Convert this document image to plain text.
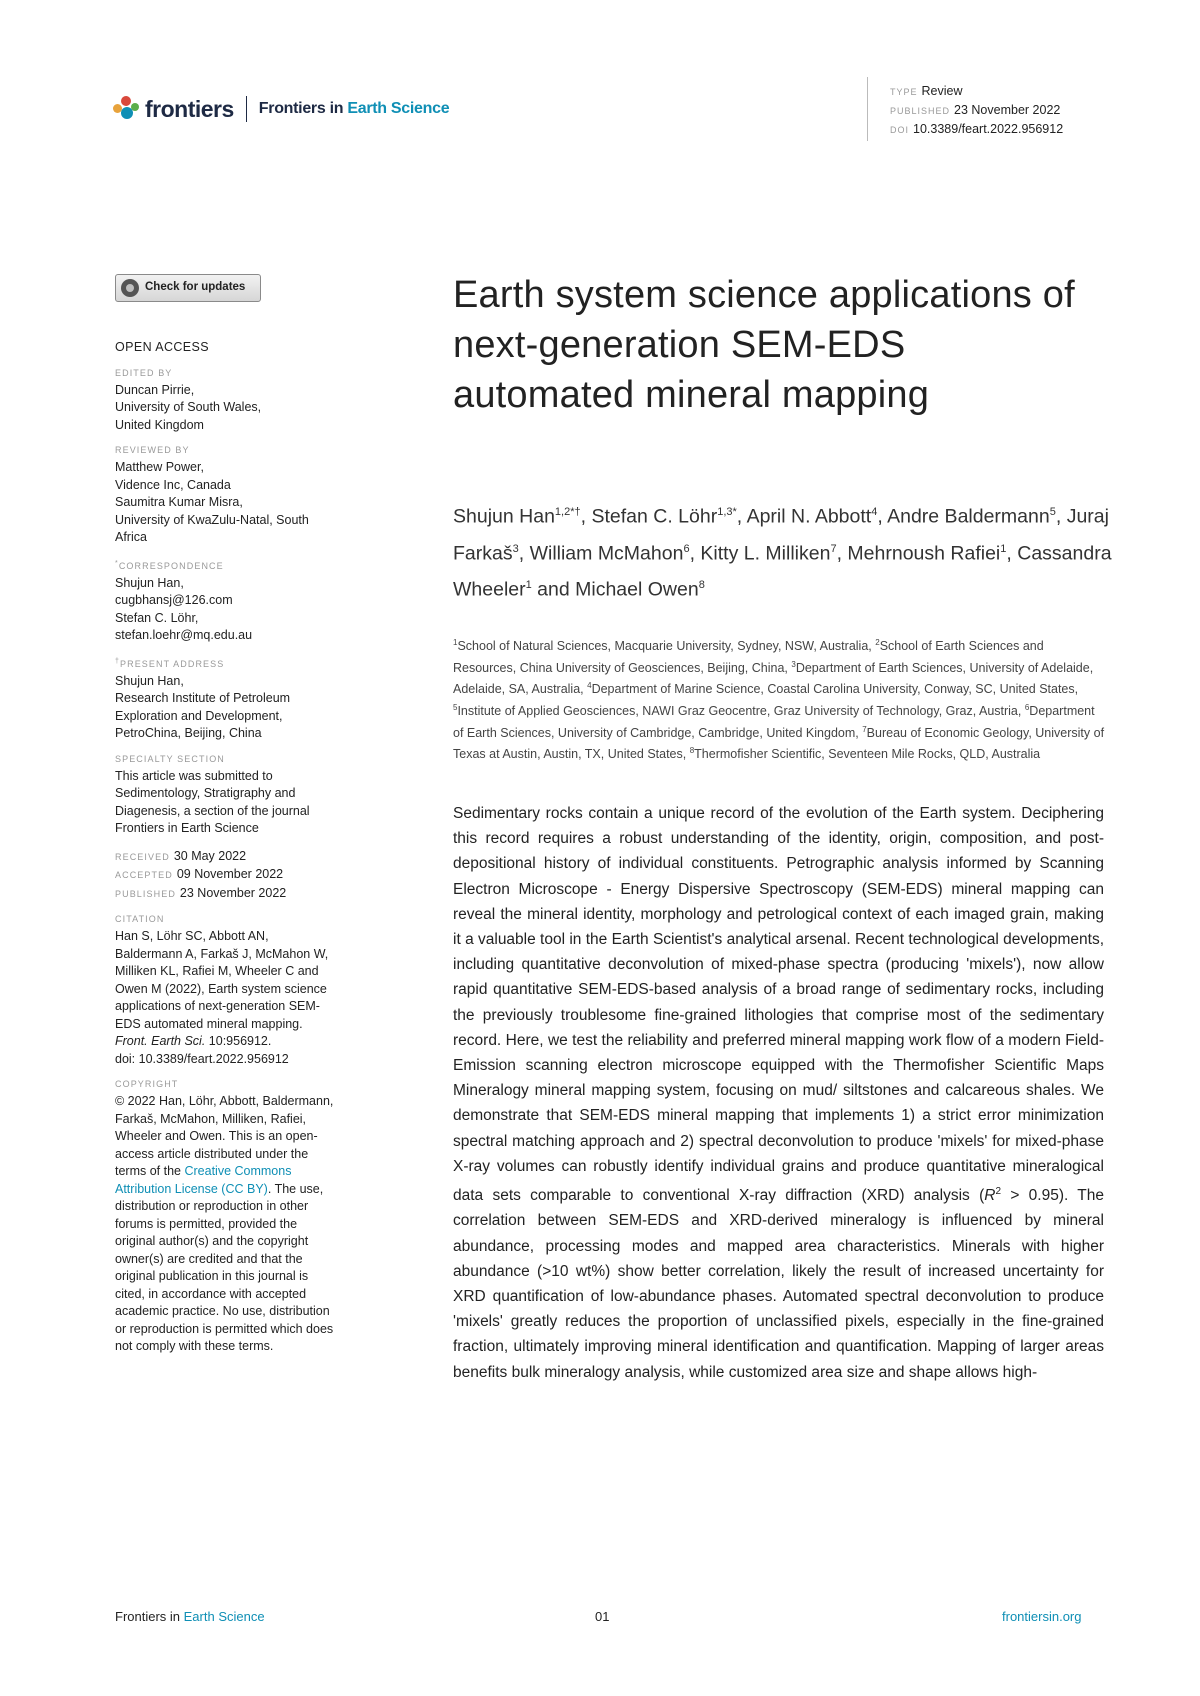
frontiers Frontiers in Earth Science
TYPE Review
PUBLISHED 23 November 2022
DOI 10.3389/feart.2022.956912
Check for updates
OPEN ACCESS
EDITED BY
Duncan Pirrie,
University of South Wales,
United Kingdom
REVIEWED BY
Matthew Power,
Vidence Inc, Canada
Saumitra Kumar Misra,
University of KwaZulu-Natal, South
Africa
*CORRESPONDENCE
Shujun Han,
cugbhansj@126.com
Stefan C. Löhr,
stefan.loehr@mq.edu.au
†PRESENT ADDRESS
Shujun Han,
Research Institute of Petroleum
Exploration and Development,
PetroChina, Beijing, China
SPECIALTY SECTION
This article was submitted to
Sedimentology, Stratigraphy and
Diagenesis, a section of the journal
Frontiers in Earth Science
RECEIVED 30 May 2022
ACCEPTED 09 November 2022
PUBLISHED 23 November 2022
CITATION
Han S, Löhr SC, Abbott AN,
Baldermann A, Farkaš J, McMahon W,
Milliken KL, Rafiei M, Wheeler C and
Owen M (2022), Earth system science
applications of next-generation SEM-
EDS automated mineral mapping.
Front. Earth Sci. 10:956912.
doi: 10.3389/feart.2022.956912
COPYRIGHT
© 2022 Han, Löhr, Abbott, Baldermann,
Farkaš, McMahon, Milliken, Rafiei,
Wheeler and Owen. This is an open-
access article distributed under the
terms of the Creative Commons
Attribution License (CC BY). The use,
distribution or reproduction in other
forums is permitted, provided the
original author(s) and the copyright
owner(s) are credited and that the
original publication in this journal is
cited, in accordance with accepted
academic practice. No use, distribution
or reproduction is permitted which does
not comply with these terms.
Earth system science applications of next-generation SEM-EDS automated mineral mapping
Shujun Han$^{1,2*\dagger}$, Stefan C. Löhr$^{1,3*}$, April N. Abbott$^4$, Andre Baldermann$^5$, Juraj Farkaš$^3$, William McMahon$^6$, Kitty L. Milliken$^7$, Mehrnoush Rafiei$^1$, Cassandra Wheeler$^1$ and Michael Owen$^8$
$^1$School of Natural Sciences, Macquarie University, Sydney, NSW, Australia, $^2$School of Earth Sciences and Resources, China University of Geosciences, Beijing, China, $^3$Department of Earth Sciences, University of Adelaide, Adelaide, SA, Australia, $^4$Department of Marine Science, Coastal Carolina University, Conway, SC, United States, $^5$Institute of Applied Geosciences, NAWI Graz Geocentre, Graz University of Technology, Graz, Austria, $^6$Department of Earth Sciences, University of Cambridge, Cambridge, United Kingdom, $^7$Bureau of Economic Geology, University of Texas at Austin, Austin, TX, United States, $^8$Thermofisher Scientific, Seventeen Mile Rocks, QLD, Australia
Sedimentary rocks contain a unique record of the evolution of the Earth system. Deciphering this record requires a robust understanding of the identity, origin, composition, and post-depositional history of individual constituents. Petrographic analysis informed by Scanning Electron Microscope - Energy Dispersive Spectroscopy (SEM-EDS) mineral mapping can reveal the mineral identity, morphology and petrological context of each imaged grain, making it a valuable tool in the Earth Scientist's analytical arsenal. Recent technological developments, including quantitative deconvolution of mixed-phase spectra (producing 'mixels'), now allow rapid quantitative SEM-EDS-based analysis of a broad range of sedimentary rocks, including the previously troublesome fine-grained lithologies that comprise most of the sedimentary record. Here, we test the reliability and preferred mineral mapping work flow of a modern Field-Emission scanning electron microscope equipped with the Thermofisher Scientific Maps Mineralogy mineral mapping system, focusing on mud/ siltstones and calcareous shales. We demonstrate that SEM-EDS mineral mapping that implements 1) a strict error minimization spectral matching approach and 2) spectral deconvolution to produce 'mixels' for mixed-phase X-ray volumes can robustly identify individual grains and produce quantitative mineralogical data sets comparable to conventional X-ray diffraction (XRD) analysis $(R^2 > 0.95)$. The correlation between SEM-EDS and XRD-derived mineralogy is influenced by mineral abundance, processing modes and mapped area characteristics. Minerals with higher abundance (>10 wt%) show better correlation, likely the result of increased uncertainty for XRD quantification of low-abundance phases. Automated spectral deconvolution to produce 'mixels' greatly reduces the proportion of unclassified pixels, especially in the fine-grained fraction, ultimately improving mineral identification and quantification. Mapping of larger areas benefits bulk mineralogy analysis, while customized area size and shape allows high-
Frontiers in Earth Science	01	frontiersin.org
